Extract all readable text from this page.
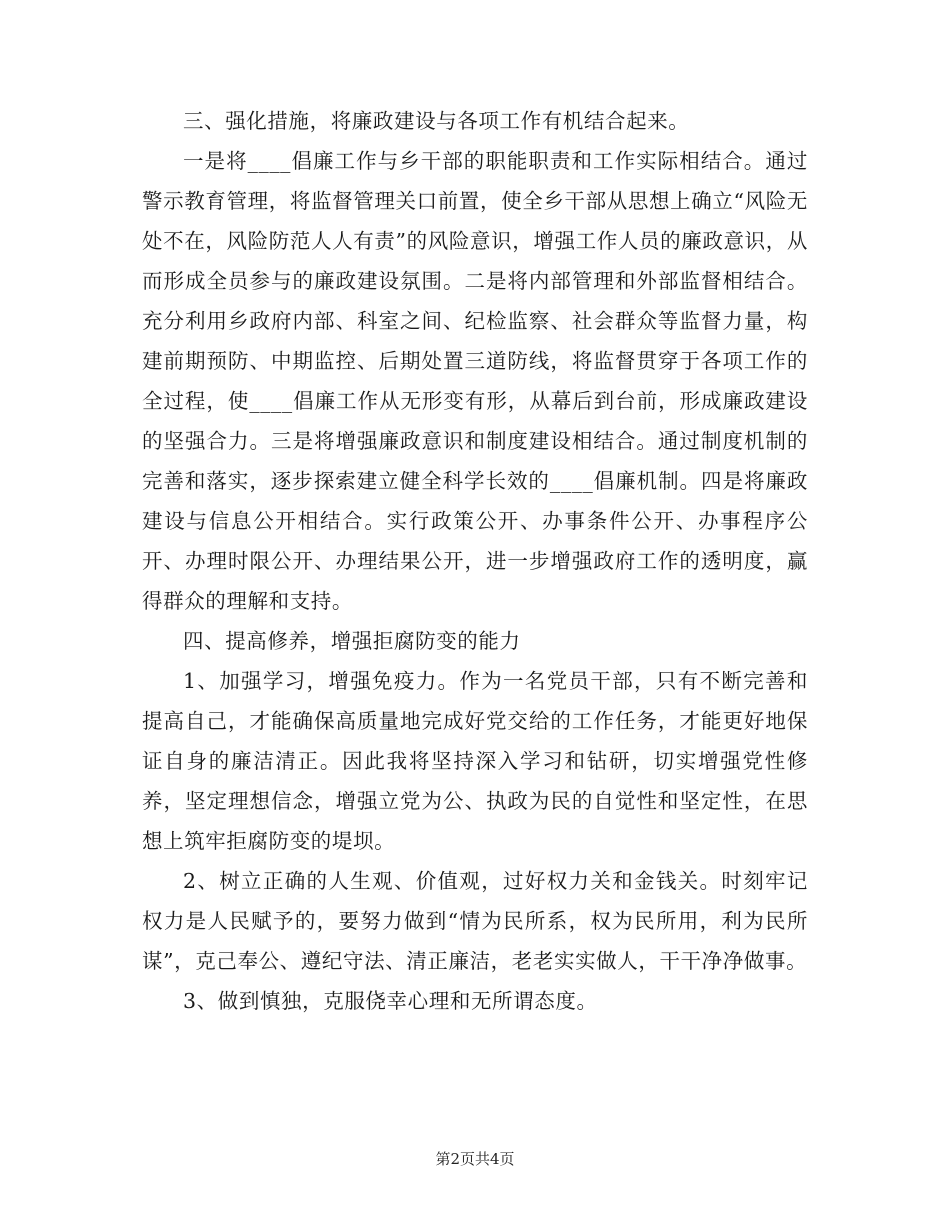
三、强化措施，将廉政建设与各项工作有机结合起来。

一是将____倡廉工作与乡干部的职能职责和工作实际相结合。通过警示教育管理，将监督管理关口前置，使全乡干部从思想上确立“风险无处不在，风险防范人人有责”的风险意识，增强工作人员的廉政意识，从而形成全员参与的廉政建设氛围。二是将内部管理和外部监督相结合。充分利用乡政府内部、科室之间、纪检监察、社会群众等监督力量，构建前期预防、中期监控、后期处置三道防线，将监督贯穿于各项工作的全过程，使____倡廉工作从无形变有形，从幕后到台前，形成廉政建设的坚强合力。三是将增强廉政意识和制度建设相结合。通过制度机制的完善和落实，逐步探索建立健全科学长效的____倡廉机制。四是将廉政建设与信息公开相结合。实行政策公开、办事条件公开、办事程序公开、办理时限公开、办理结果公开，进一步增强政府工作的透明度，赢得群众的理解和支持。

四、提高修养，增强拒腐防变的能力

1、加强学习，增强免疫力。作为一名党员干部，只有不断完善和提高自己，才能确保高质量地完成好党交给的工作任务，才能更好地保证自身的廉洁清正。因此我将坚持深入学习和钻研，切实增强党性修养，坚定理想信念，增强立党为公、执政为民的自觉性和坚定性，在思想上筑牢拒腐防变的堤坝。

2、树立正确的人生观、价值观，过好权力关和金钱关。时刻牢记权力是人民赋予的，要努力做到“情为民所系，权为民所用，利为民所谋”，克己奉公、遵纪守法、清正廉洁，老老实实做人，干干净净做事。

3、做到慎独，克服侥幸心理和无所谓态度。

第2页共4页
